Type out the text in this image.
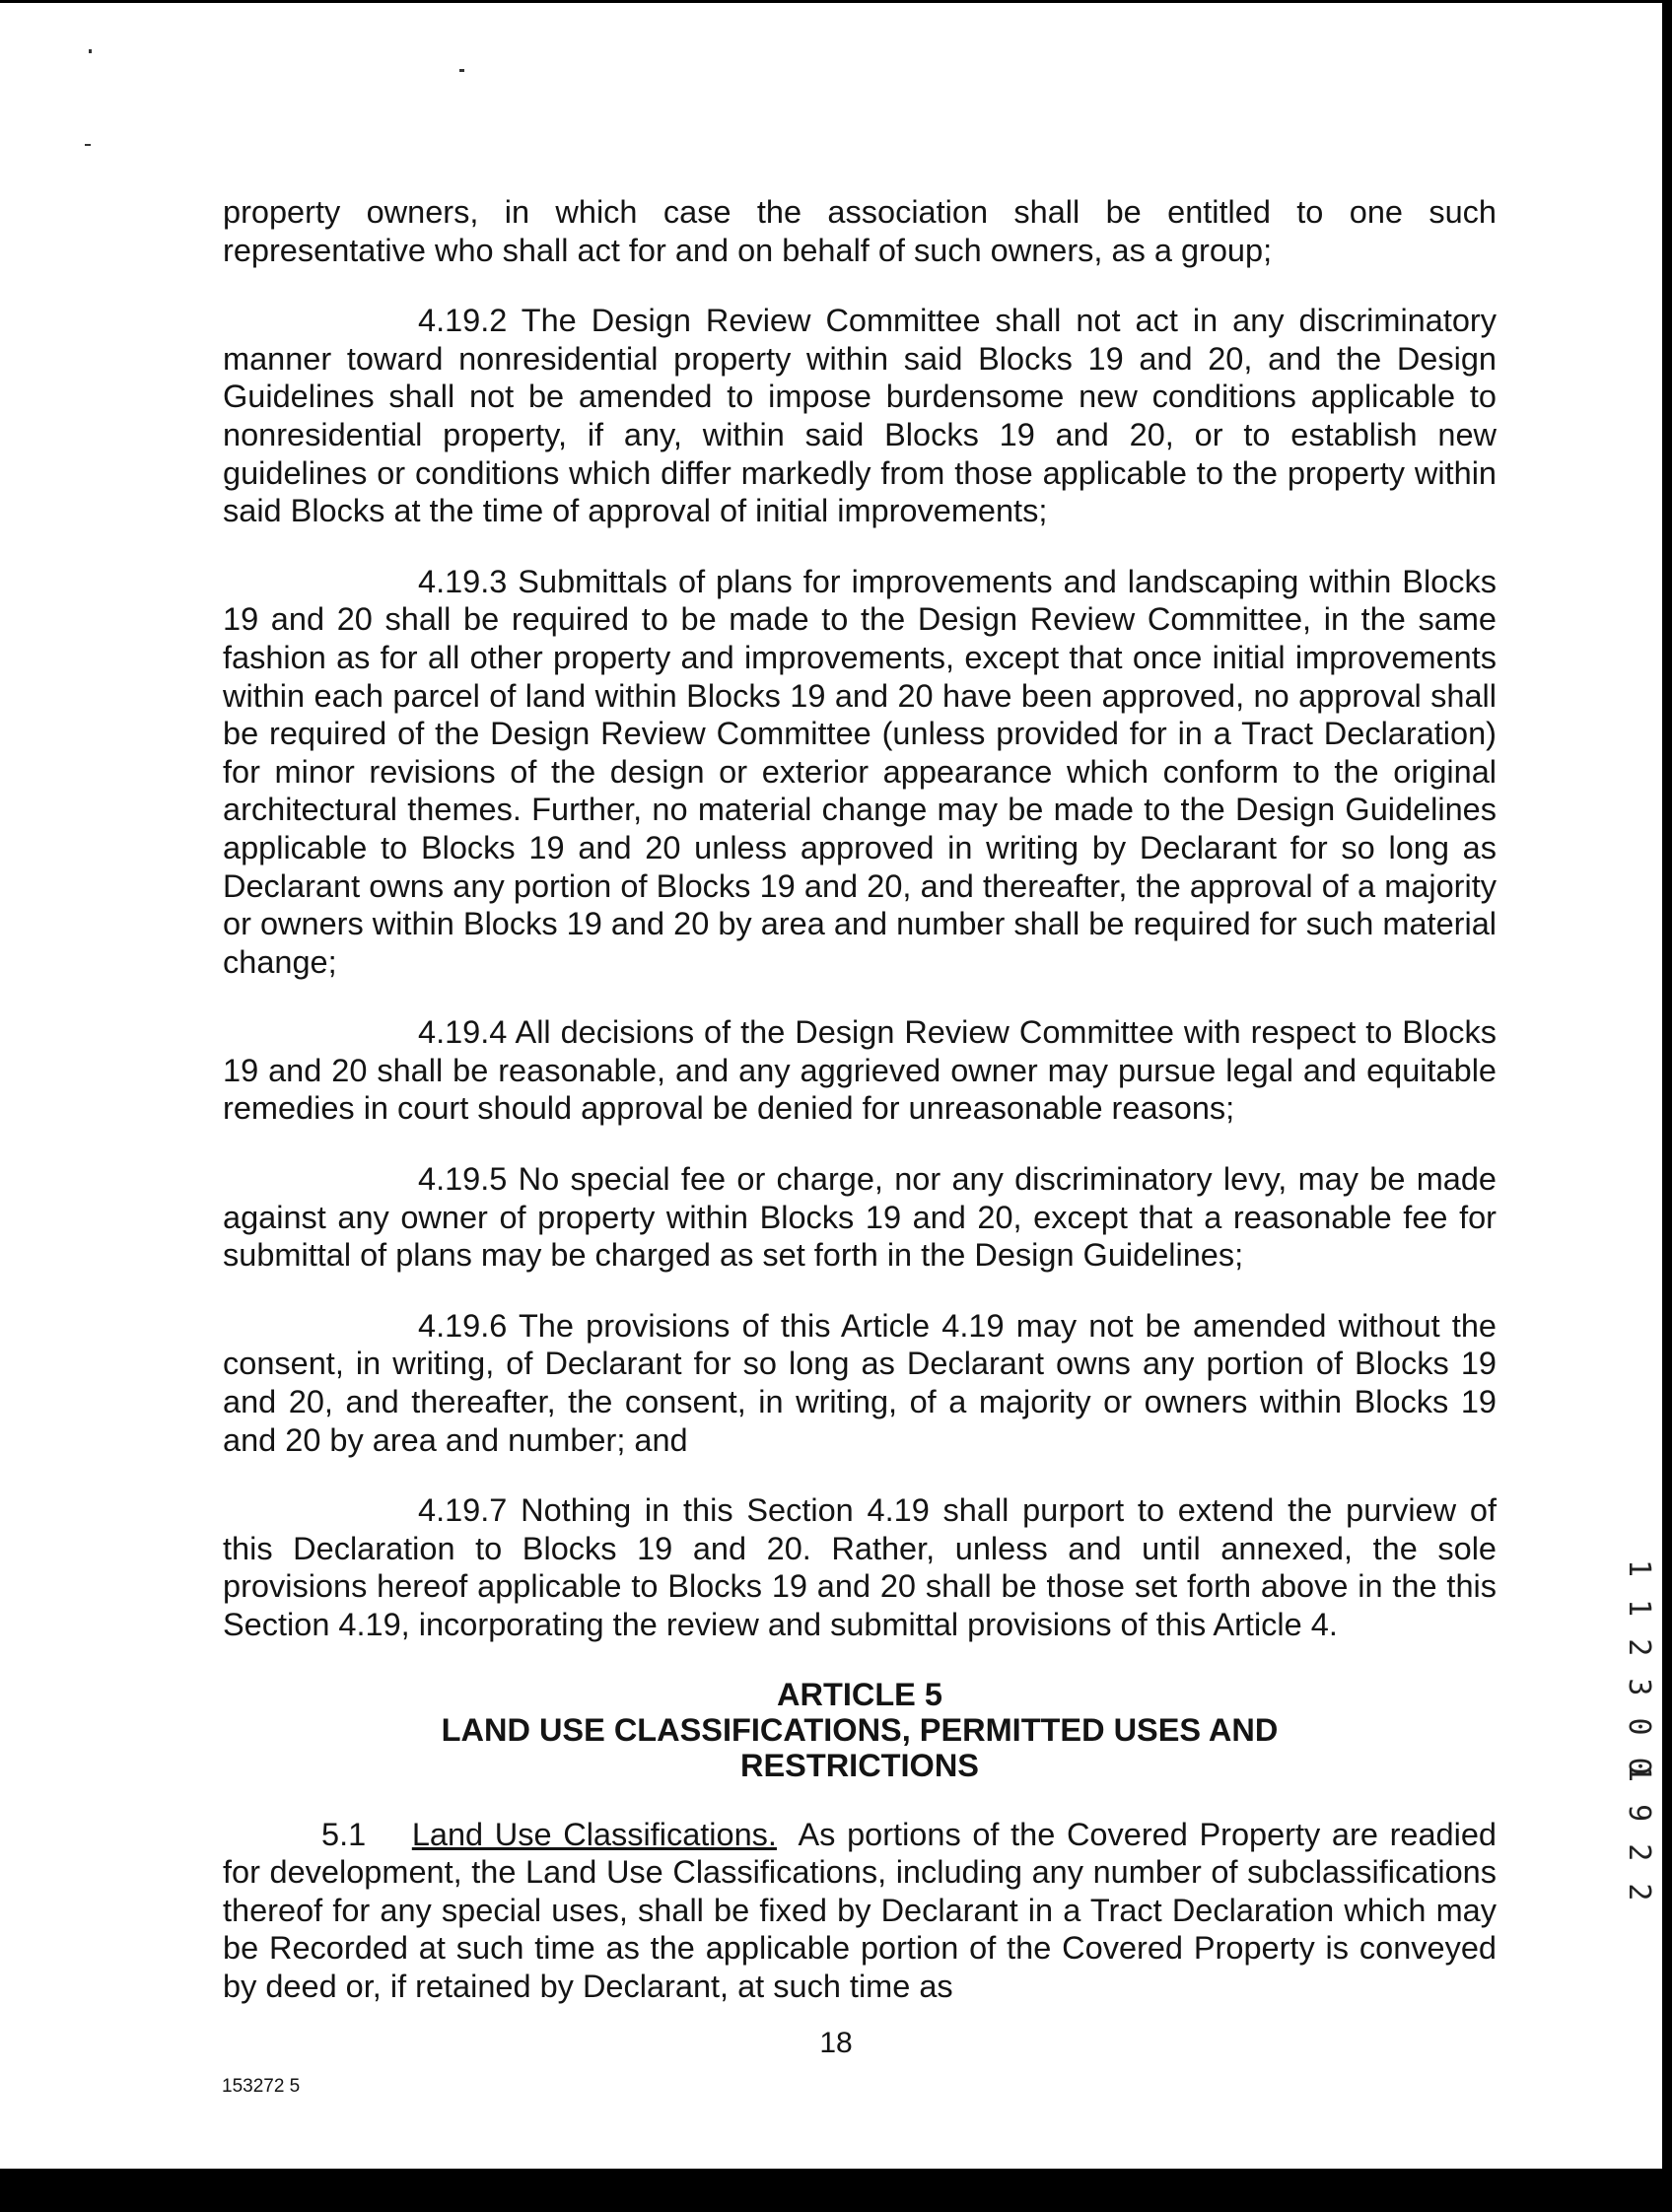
property owners, in which case the association shall be entitled to one such representative who shall act for and on behalf of such owners, as a group;

4.19.2 The Design Review Committee shall not act in any discriminatory manner toward nonresidential property within said Blocks 19 and 20, and the Design Guidelines shall not be amended to impose burdensome new conditions applicable to nonresidential property, if any, within said Blocks 19 and 20, or to establish new guidelines or conditions which differ markedly from those applicable to the property within said Blocks at the time of approval of initial improvements;

4.19.3 Submittals of plans for improvements and landscaping within Blocks 19 and 20 shall be required to be made to the Design Review Committee, in the same fashion as for all other property and improvements, except that once initial improvements within each parcel of land within Blocks 19 and 20 have been approved, no approval shall be required of the Design Review Committee (unless provided for in a Tract Declaration) for minor revisions of the design or exterior appearance which conform to the original architectural themes. Further, no material change may be made to the Design Guidelines applicable to Blocks 19 and 20 unless approved in writing by Declarant for so long as Declarant owns any portion of Blocks 19 and 20, and thereafter, the approval of a majority or owners within Blocks 19 and 20 by area and number shall be required for such material change;

4.19.4 All decisions of the Design Review Committee with respect to Blocks 19 and 20 shall be reasonable, and any aggrieved owner may pursue legal and equitable remedies in court should approval be denied for unreasonable reasons;

4.19.5 No special fee or charge, nor any discriminatory levy, may be made against any owner of property within Blocks 19 and 20, except that a reasonable fee for submittal of plans may be charged as set forth in the Design Guidelines;

4.19.6 The provisions of this Article 4.19 may not be amended without the consent, in writing, of Declarant for so long as Declarant owns any portion of Blocks 19 and 20, and thereafter, the consent, in writing, of a majority or owners within Blocks 19 and 20 by area and number; and

4.19.7 Nothing in this Section 4.19 shall purport to extend the purview of this Declaration to Blocks 19 and 20. Rather, unless and until annexed, the sole provisions hereof applicable to Blocks 19 and 20 shall be those set forth above in the this Section 4.19, incorporating the review and submittal provisions of this Article 4.

ARTICLE 5
LAND USE CLASSIFICATIONS, PERMITTED USES AND
RESTRICTIONS

5.1 Land Use Classifications. As portions of the Covered Property are readied for development, the Land Use Classifications, including any number of subclassifications thereof for any special uses, shall be fixed by Declarant in a Tract Declaration which may be Recorded at such time as the applicable portion of the Covered Property is conveyed by deed or, if retained by Declarant, at such time as

18
153272 5
1 1 2 3 0 0
1 9 2 2
